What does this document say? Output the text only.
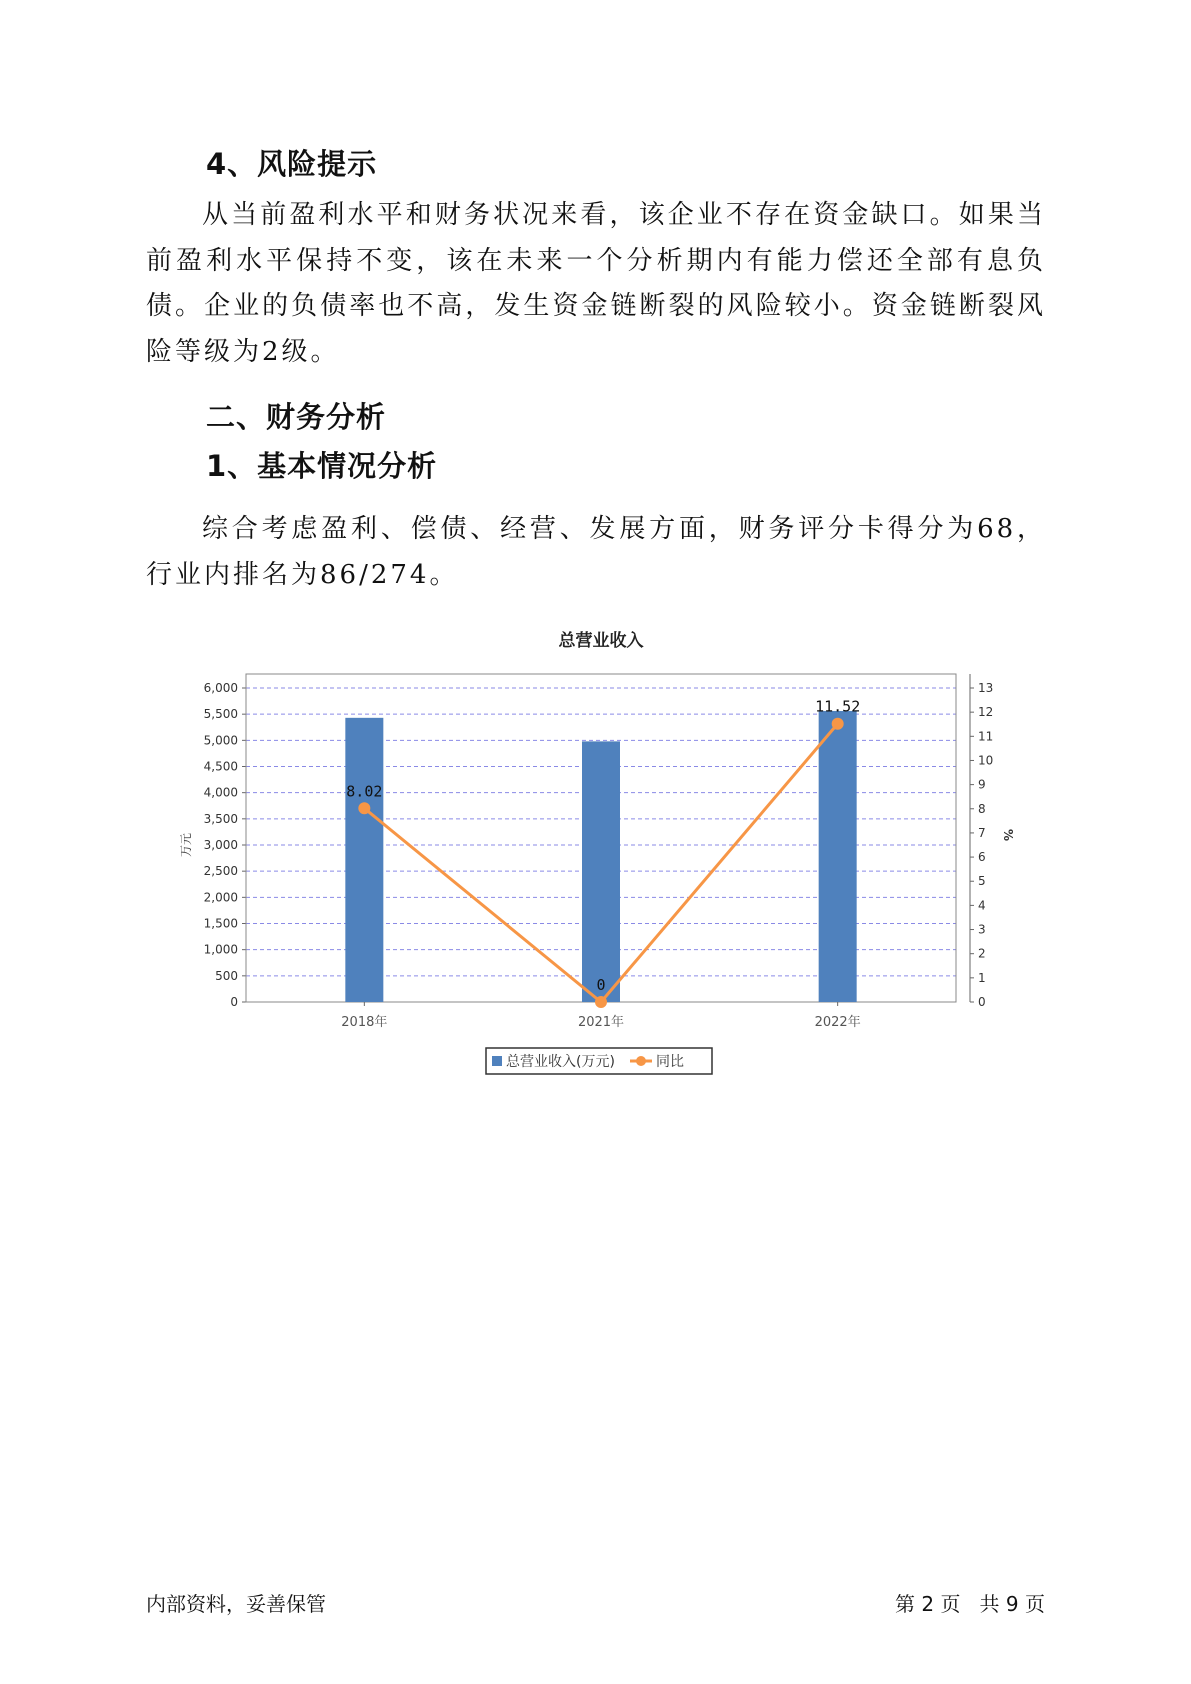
4、风险提示

从当前盈利水平和财务状况来看，该企业不存在资金缺口。如果当前盈利水平保持不变，该在未来一个分析期内有能力偿还全部有息负债。企业的负债率也不高，发生资金链断裂的风险较小。资金链断裂风险等级为2级。

二、财务分析
1、基本情况分析

综合考虑盈利、偿债、经营、发展方面，财务评分卡得分为68，行业内排名为86/274。

总营业收入
0
500
1,000
1,500
2,000
2,500
3,000
3,500
4,000
4,500
5,000
5,500
6,000
0
1
2
3
4
5
6
7
8
9
10
11
12
13
万元	%
2018年	2021年	2022年
8.02
0
11.52
总营业收入(万元)	同比
内部资料，妥善保管	第 2 页   共 9 页
